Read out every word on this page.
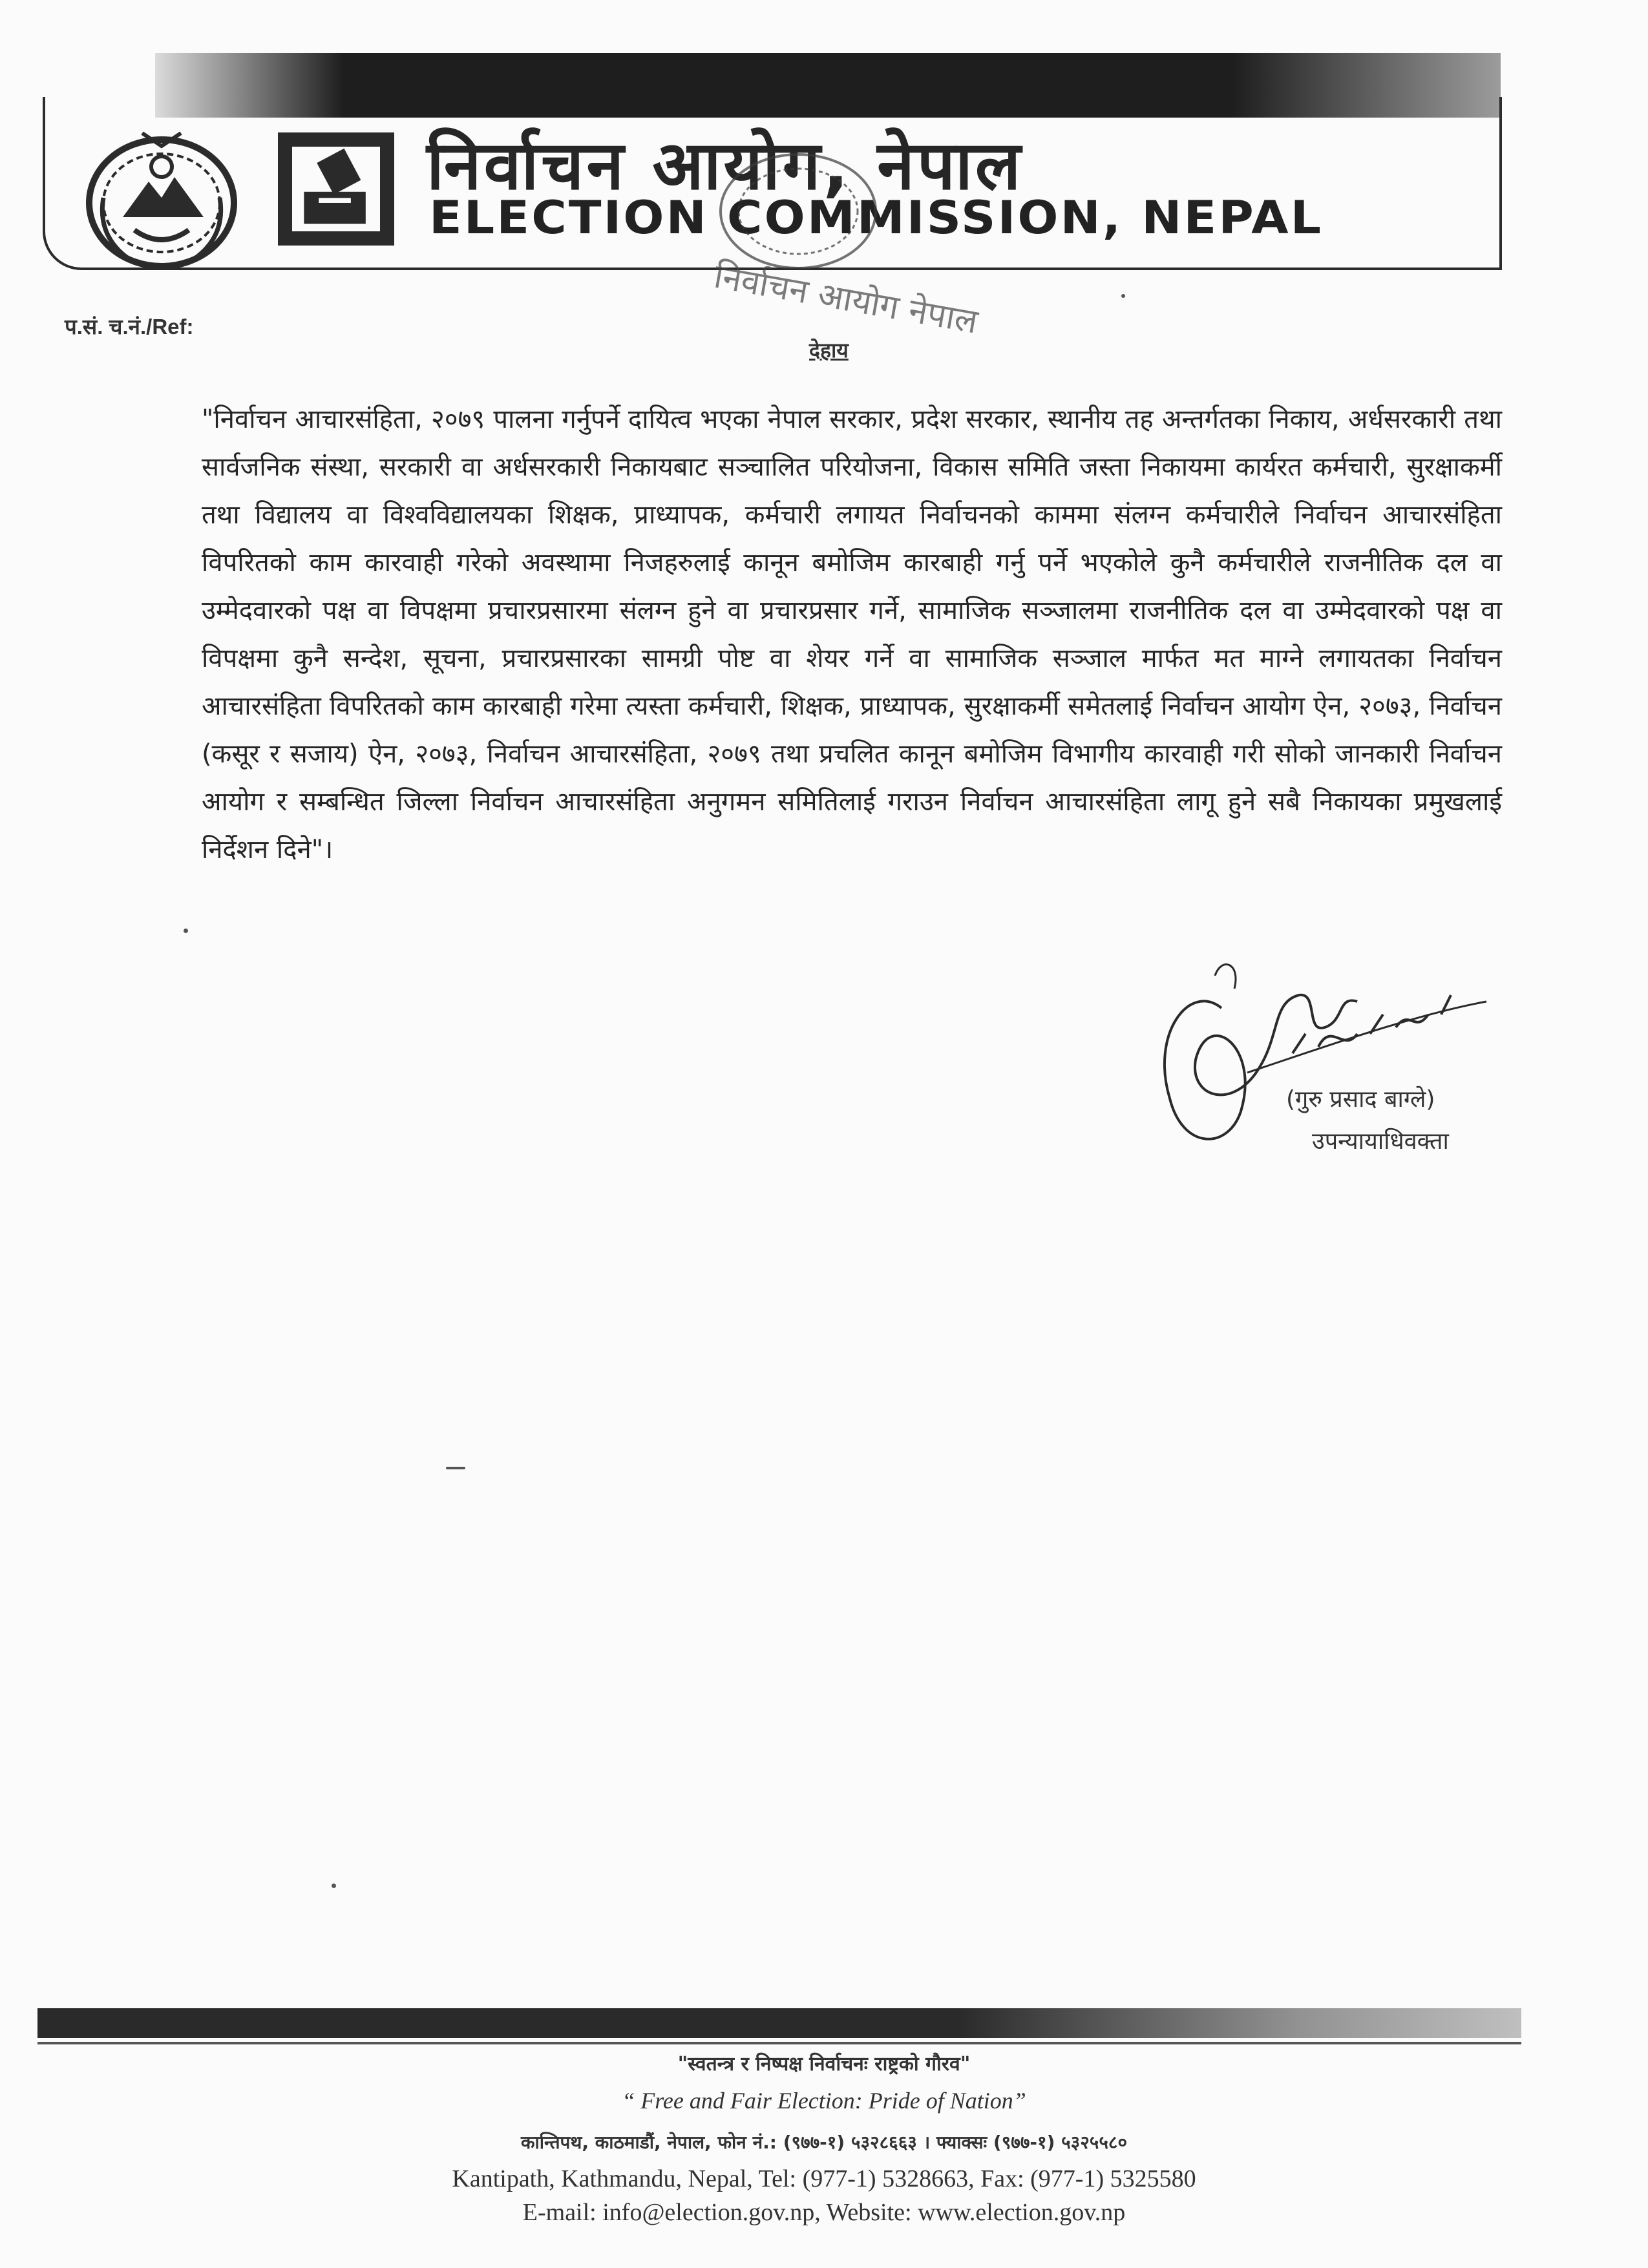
निर्वाचन आयोग, नेपाल
ELECTION COMMISSION, NEPAL
निर्वाचन आयोग नेपाल
प.सं. च.नं./Ref:
देहाय
"निर्वाचन आचारसंहिता, २०७९ पालना गर्नुपर्ने दायित्व भएका नेपाल सरकार, प्रदेश सरकार, स्थानीय तह अन्तर्गतका निकाय, अर्धसरकारी तथा सार्वजनिक संस्था, सरकारी वा अर्धसरकारी निकायबाट सञ्चालित परियोजना, विकास समिति जस्ता निकायमा कार्यरत कर्मचारी, सुरक्षाकर्मी तथा विद्यालय वा विश्वविद्यालयका शिक्षक, प्राध्यापक, कर्मचारी लगायत निर्वाचनको काममा संलग्न कर्मचारीले निर्वाचन आचारसंहिता विपरितको काम कारवाही गरेको अवस्थामा निजहरुलाई कानून बमोजिम कारबाही गर्नु पर्ने भएकोले कुनै कर्मचारीले राजनीतिक दल वा उम्मेदवारको पक्ष वा विपक्षमा प्रचारप्रसारमा संलग्न हुने वा प्रचारप्रसार गर्ने, सामाजिक सञ्जालमा राजनीतिक दल वा उम्मेदवारको पक्ष वा विपक्षमा कुनै सन्देश, सूचना, प्रचारप्रसारका सामग्री पोष्ट वा शेयर गर्ने वा सामाजिक सञ्जाल मार्फत मत माग्ने लगायतका निर्वाचन आचारसंहिता विपरितको काम कारबाही गरेमा त्यस्ता कर्मचारी, शिक्षक, प्राध्यापक, सुरक्षाकर्मी समेतलाई निर्वाचन आयोग ऐन, २०७३, निर्वाचन (कसूर र सजाय) ऐन, २०७३, निर्वाचन आचारसंहिता, २०७९ तथा प्रचलित कानून बमोजिम विभागीय कारवाही गरी सोको जानकारी निर्वाचन आयोग र सम्बन्धित जिल्ला निर्वाचन आचारसंहिता अनुगमन समितिलाई गराउन निर्वाचन आचारसंहिता लागू हुने सबै निकायका प्रमुखलाई निर्देशन दिने"।
(गुरु प्रसाद बाग्ले)
उपन्यायाधिवक्ता
"स्वतन्त्र र निष्पक्ष निर्वाचनः राष्ट्रको गौरव"
“ Free and Fair Election: Pride of Nation”
कान्तिपथ, काठमाडौं, नेपाल, फोन नं.: (९७७-१) ५३२८६६३ । फ्याक्सः (९७७-१) ५३२५५८०
Kantipath, Kathmandu, Nepal, Tel: (977-1) 5328663, Fax: (977-1) 5325580
E-mail: info@election.gov.np, Website: www.election.gov.np
